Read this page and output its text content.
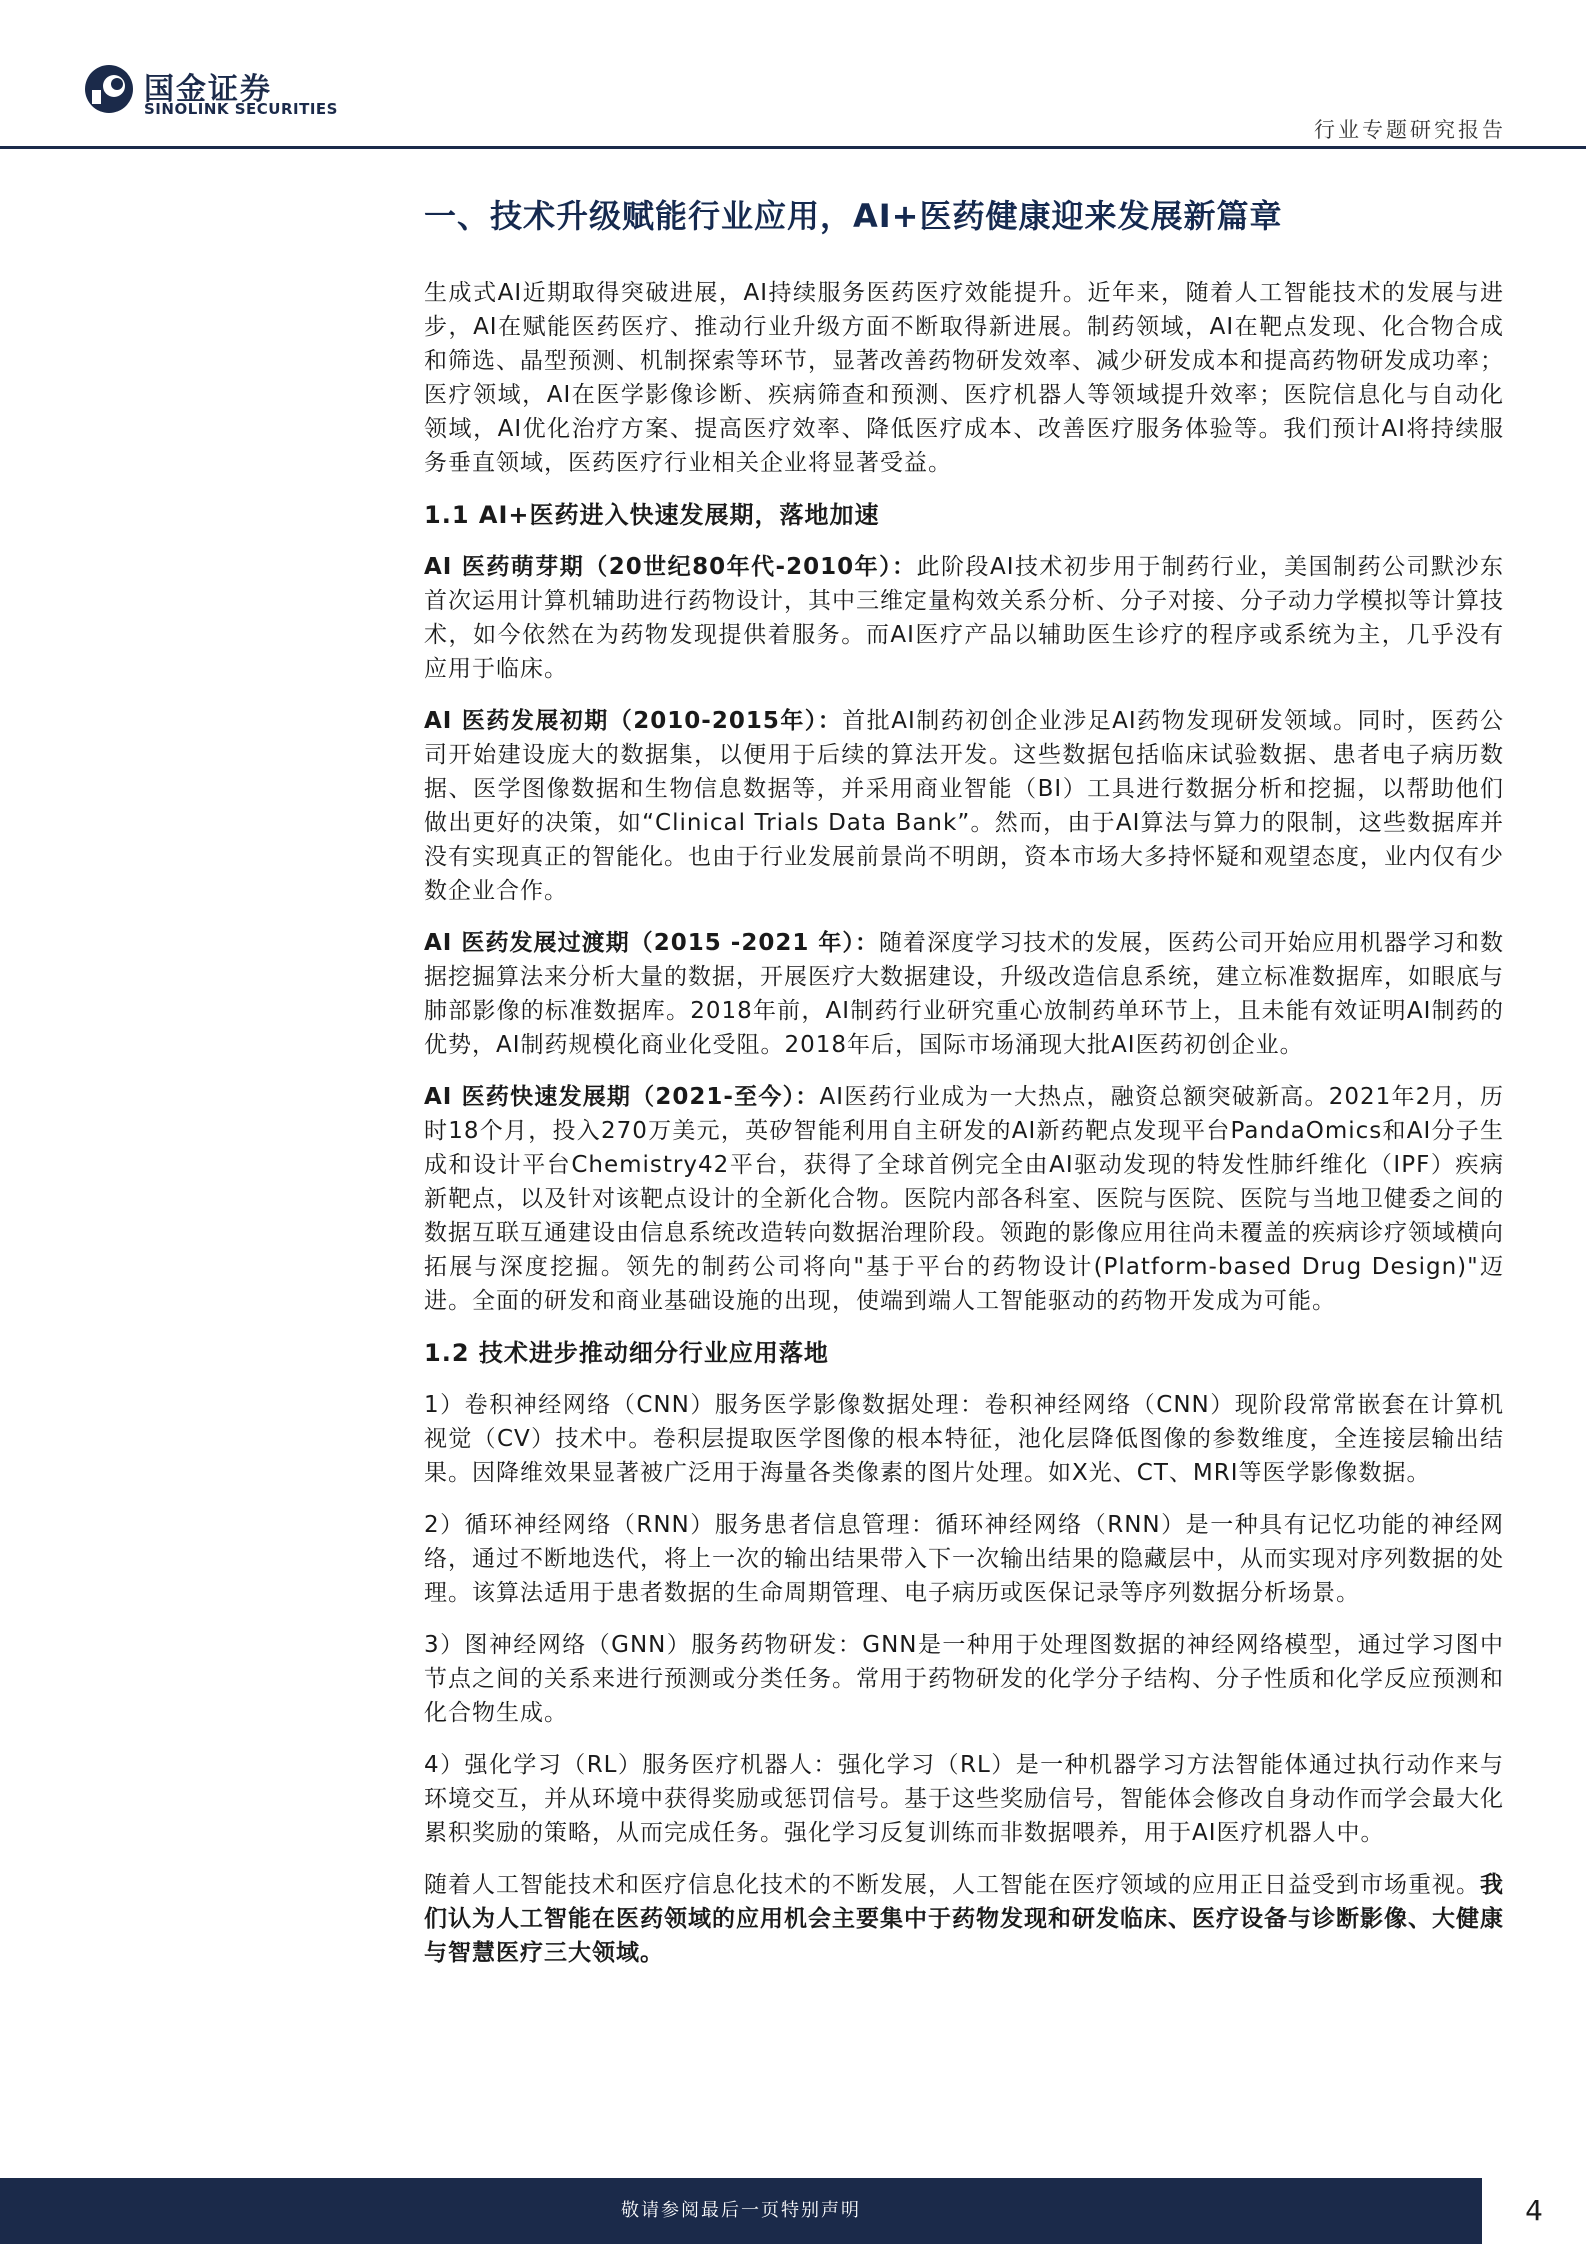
国金证券
SINOLINK SECURITIES
行业专题研究报告
一、技术升级赋能行业应用，AI+医药健康迎来发展新篇章

生成式AI近期取得突破进展，AI持续服务医药医疗效能提升。近年来，随着人工智能技术的发展与进步，AI在赋能医药医疗、推动行业升级方面不断取得新进展。制药领域，AI在靶点发现、化合物合成和筛选、晶型预测、机制探索等环节，显著改善药物研发效率、减少研发成本和提高药物研发成功率；医疗领域，AI在医学影像诊断、疾病筛查和预测、医疗机器人等领域提升效率；医院信息化与自动化领域，AI优化治疗方案、提高医疗效率、降低医疗成本、改善医疗服务体验等。我们预计AI将持续服务垂直领域，医药医疗行业相关企业将显著受益。

1.1 AI+医药进入快速发展期，落地加速

AI 医药萌芽期（20世纪80年代-2010年）：此阶段AI技术初步用于制药行业，美国制药公司默沙东首次运用计算机辅助进行药物设计，其中三维定量构效关系分析、分子对接、分子动力学模拟等计算技术，如今依然在为药物发现提供着服务。而AI医疗产品以辅助医生诊疗的程序或系统为主，几乎没有应用于临床。

AI 医药发展初期（2010-2015年）：首批AI制药初创企业涉足AI药物发现研发领域。同时，医药公司开始建设庞大的数据集，以便用于后续的算法开发。这些数据包括临床试验数据、患者电子病历数据、医学图像数据和生物信息数据等，并采用商业智能（BI）工具进行数据分析和挖掘，以帮助他们做出更好的决策，如“Clinical Trials Data Bank”。然而，由于AI算法与算力的限制，这些数据库并没有实现真正的智能化。也由于行业发展前景尚不明朗，资本市场大多持怀疑和观望态度，业内仅有少数企业合作。

AI 医药发展过渡期（2015 -2021 年）：随着深度学习技术的发展，医药公司开始应用机器学习和数据挖掘算法来分析大量的数据，开展医疗大数据建设，升级改造信息系统，建立标准数据库，如眼底与肺部影像的标准数据库。2018年前，AI制药行业研究重心放制药单环节上，且未能有效证明AI制药的优势，AI制药规模化商业化受阻。2018年后，国际市场涌现大批AI医药初创企业。

AI 医药快速发展期（2021-至今）：AI医药行业成为一大热点，融资总额突破新高。2021年2月，历时18个月，投入270万美元，英矽智能利用自主研发的AI新药靶点发现平台PandaOmics和AI分子生成和设计平台Chemistry42平台，获得了全球首例完全由AI驱动发现的特发性肺纤维化（IPF）疾病新靶点，以及针对该靶点设计的全新化合物。医院内部各科室、医院与医院、医院与当地卫健委之间的数据互联互通建设由信息系统改造转向数据治理阶段。领跑的影像应用往尚未覆盖的疾病诊疗领域横向拓展与深度挖掘。领先的制药公司将向"基于平台的药物设计(Platform-based Drug Design)"迈进。全面的研发和商业基础设施的出现，使端到端人工智能驱动的药物开发成为可能。

1.2 技术进步推动细分行业应用落地

1）卷积神经网络（CNN）服务医学影像数据处理：卷积神经网络（CNN）现阶段常常嵌套在计算机视觉（CV）技术中。卷积层提取医学图像的根本特征，池化层降低图像的参数维度，全连接层输出结果。因降维效果显著被广泛用于海量各类像素的图片处理。如X光、CT、MRI等医学影像数据。

2）循环神经网络（RNN）服务患者信息管理：循环神经网络（RNN）是一种具有记忆功能的神经网络，通过不断地迭代，将上一次的输出结果带入下一次输出结果的隐藏层中，从而实现对序列数据的处理。该算法适用于患者数据的生命周期管理、电子病历或医保记录等序列数据分析场景。

3）图神经网络（GNN）服务药物研发：GNN是一种用于处理图数据的神经网络模型，通过学习图中节点之间的关系来进行预测或分类任务。常用于药物研发的化学分子结构、分子性质和化学反应预测和化合物生成。

4）强化学习（RL）服务医疗机器人：强化学习（RL）是一种机器学习方法智能体通过执行动作来与环境交互，并从环境中获得奖励或惩罚信号。基于这些奖励信号，智能体会修改自身动作而学会最大化累积奖励的策略，从而完成任务。强化学习反复训练而非数据喂养，用于AI医疗机器人中。

随着人工智能技术和医疗信息化技术的不断发展，人工智能在医疗领域的应用正日益受到市场重视。我们认为人工智能在医药领域的应用机会主要集中于药物发现和研发临床、医疗设备与诊断影像、大健康与智慧医疗三大领域。

敬请参阅最后一页特别声明	4
